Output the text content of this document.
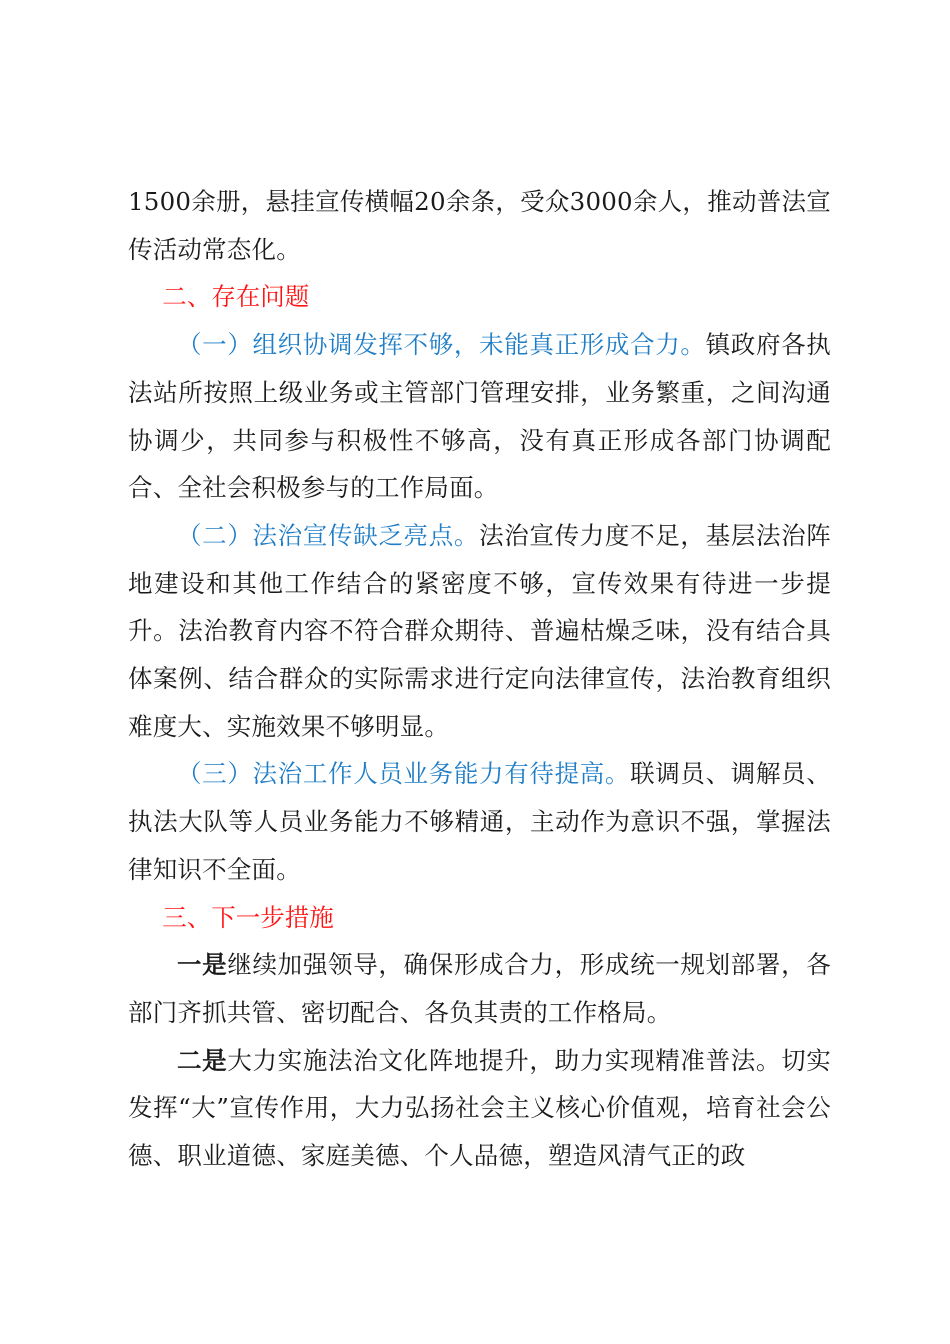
1500余册，悬挂宣传横幅20余条，受众3000余人，推动普法宣传活动常态化。

二、存在问题

（一）组织协调发挥不够，未能真正形成合力。镇政府各执法站所按照上级业务或主管部门管理安排，业务繁重，之间沟通协调少，共同参与积极性不够高，没有真正形成各部门协调配合、全社会积极参与的工作局面。

（二）法治宣传缺乏亮点。法治宣传力度不足，基层法治阵地建设和其他工作结合的紧密度不够，宣传效果有待进一步提升。法治教育内容不符合群众期待、普遍枯燥乏味，没有结合具体案例、结合群众的实际需求进行定向法律宣传，法治教育组织难度大、实施效果不够明显。

（三）法治工作人员业务能力有待提高。联调员、调解员、执法大队等人员业务能力不够精通，主动作为意识不强，掌握法律知识不全面。

三、下一步措施

一是继续加强领导，确保形成合力，形成统一规划部署，各部门齐抓共管、密切配合、各负其责的工作格局。

二是大力实施法治文化阵地提升，助力实现精准普法。切实发挥“大”宣传作用，大力弘扬社会主义核心价值观，培育社会公德、职业道德、家庭美德、个人品德，塑造风清气正的政
